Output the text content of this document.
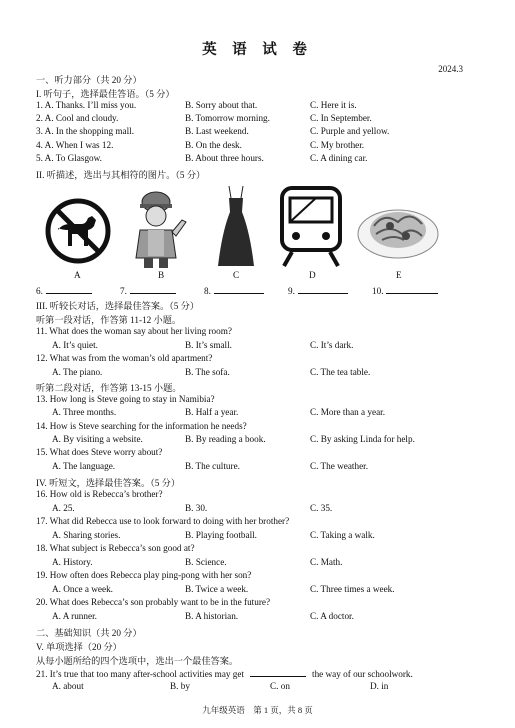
英 语 试 卷
2024.3
一、听力部分（共 20 分）
I. 听句子，选择最佳答语。（5 分）
1. A. Thanks. I’ll miss you.	B. Sorry about that.	C. Here it is.
2. A. Cool and cloudy.	B. Tomorrow morning.	C. In September.
3. A. In the shopping mall.	B. Last weekend.	C. Purple and yellow.
4. A. When I was 12.	B. On the desk.	C. My brother.
5. A. To Glasgow.	B. About three hours.	C. A dining car.
II. 听描述，选出与其相符的图片。（5 分）
A	B	C	D	E
6.	7.	8.	9.	10.
III. 听较长对话，选择最佳答案。（5 分）
听第一段对话，作答第 11-12 小题。
11. What does the woman say about her living room?
A. It’s quiet.	B. It’s small.	C. It’s dark.
12. What was from the woman’s old apartment?
A. The piano.	B. The sofa.	C. The tea table.
听第二段对话，作答第 13-15 小题。
13. How long is Steve going to stay in Namibia?
A. Three months.	B. Half a year.	C. More than a year.
14. How is Steve searching for the information he needs?
A. By visiting a website.	B. By reading a book.	C. By asking Linda for help.
15. What does Steve worry about?
A. The language.	B. The culture.	C. The weather.
IV. 听短文，选择最佳答案。（5 分）
16. How old is Rebecca’s brother?
A. 25.	B. 30.	C. 35.
17. What did Rebecca use to look forward to doing with her brother?
A. Sharing stories.	B. Playing football.	C. Taking a walk.
18. What subject is Rebecca’s son good at?
A. History.	B. Science.	C. Math.
19. How often does Rebecca play ping-pong with her son?
A. Once a week.	B. Twice a week.	C. Three times a week.
20. What does Rebecca’s son probably want to be in the future?
A. A runner.	B. A historian.	C. A doctor.
二、基础知识（共 20 分）
V. 单项选择（20 分）
从每小题所给的四个选项中，选出一个最佳答案。
21. It’s true that too many after-school activities may get	the way of our schoolwork.
A. about	B. by	C. on	D. in
九年级英语　第 1 页，共 8 页
